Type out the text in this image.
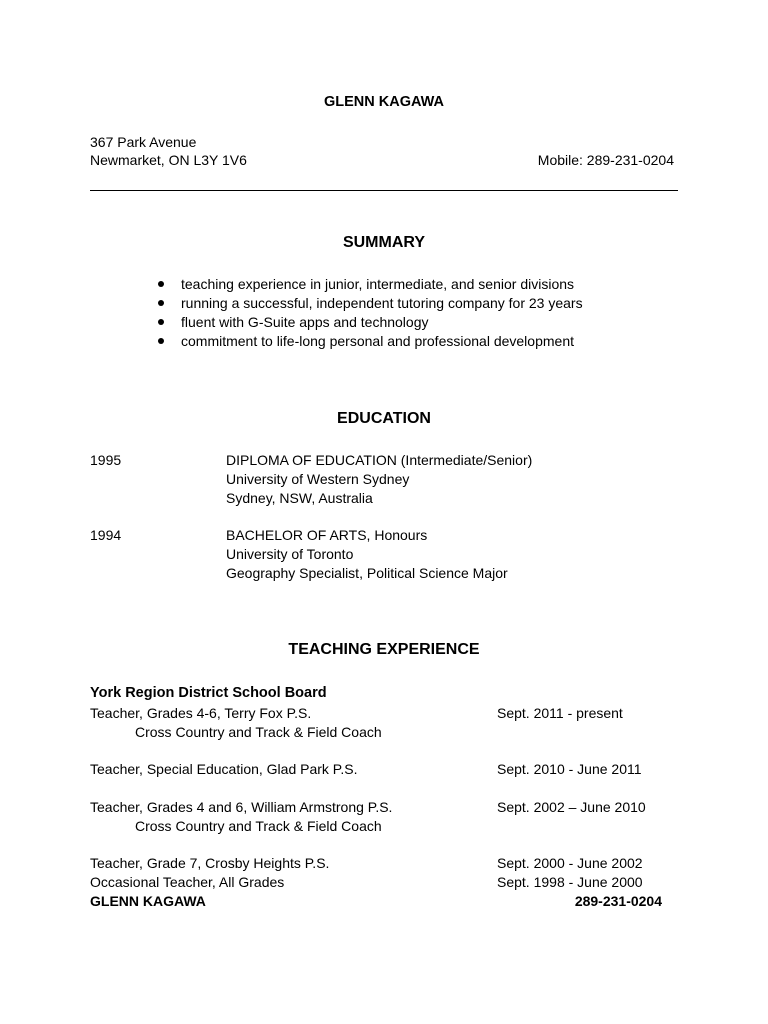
GLENN KAGAWA
367 Park Avenue
Newmarket, ON L3Y 1V6	Mobile: 289-231-0204
SUMMARY
teaching experience in junior, intermediate, and senior divisions
running a successful, independent tutoring company for 23 years
fluent with G-Suite apps and technology
commitment to life-long personal and professional development
EDUCATION
1995	DIPLOMA OF EDUCATION (Intermediate/Senior)
University of Western Sydney
Sydney, NSW, Australia
1994	BACHELOR OF ARTS, Honours
University of Toronto
Geography Specialist, Political Science Major
TEACHING EXPERIENCE
York Region District School Board
Teacher, Grades 4-6, Terry Fox P.S.	Sept. 2011 - present
Cross Country and Track & Field Coach
Teacher, Special Education, Glad Park P.S.	Sept. 2010 - June 2011
Teacher, Grades 4 and 6, William Armstrong P.S.	Sept. 2002 – June 2010
Cross Country and Track & Field Coach
Teacher, Grade 7, Crosby Heights P.S.	Sept. 2000 - June 2002
Occasional Teacher, All Grades	Sept. 1998 - June 2000
GLENN KAGAWA	289-231-0204
